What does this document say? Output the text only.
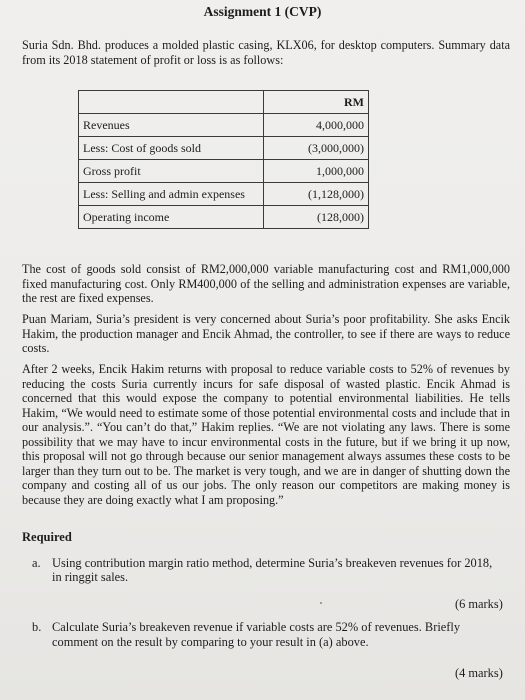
Assignment 1 (CVP)

Suria Sdn. Bhd. produces a molded plastic casing, KLX06, for desktop computers. Summary data from its 2018 statement of profit or loss is as follows:

	RM
Revenues	4,000,000
Less: Cost of goods sold	(3,000,000)
Gross profit	1,000,000
Less: Selling and admin expenses	(1,128,000)
Operating income	(128,000)

The cost of goods sold consist of RM2,000,000 variable manufacturing cost and RM1,000,000 fixed manufacturing cost. Only RM400,000 of the selling and administration expenses are variable, the rest are fixed expenses.

Puan Mariam, Suria’s president is very concerned about Suria’s poor profitability. She asks Encik Hakim, the production manager and Encik Ahmad, the controller, to see if there are ways to reduce costs.

After 2 weeks, Encik Hakim returns with proposal to reduce variable costs to 52% of revenues by reducing the costs Suria currently incurs for safe disposal of wasted plastic. Encik Ahmad is concerned that this would expose the company to potential environmental liabilities. He tells Hakim, “We would need to estimate some of those potential environmental costs and include that in our analysis.”. “You can’t do that,” Hakim replies. “We are not violating any laws. There is some possibility that we may have to incur environmental costs in the future, but if we bring it up now, this proposal will not go through because our senior management always assumes these costs to be larger than they turn out to be. The market is very tough, and we are in danger of shutting down the company and costing all of us our jobs. The only reason our competitors are making money is because they are doing exactly what I am proposing.”

Required
a. Using contribution margin ratio method, determine Suria’s breakeven revenues for 2018,
in ringgit sales.
(6 marks)
b. Calculate Suria’s breakeven revenue if variable costs are 52% of revenues. Briefly
comment on the result by comparing to your result in (a) above.
(4 marks)
